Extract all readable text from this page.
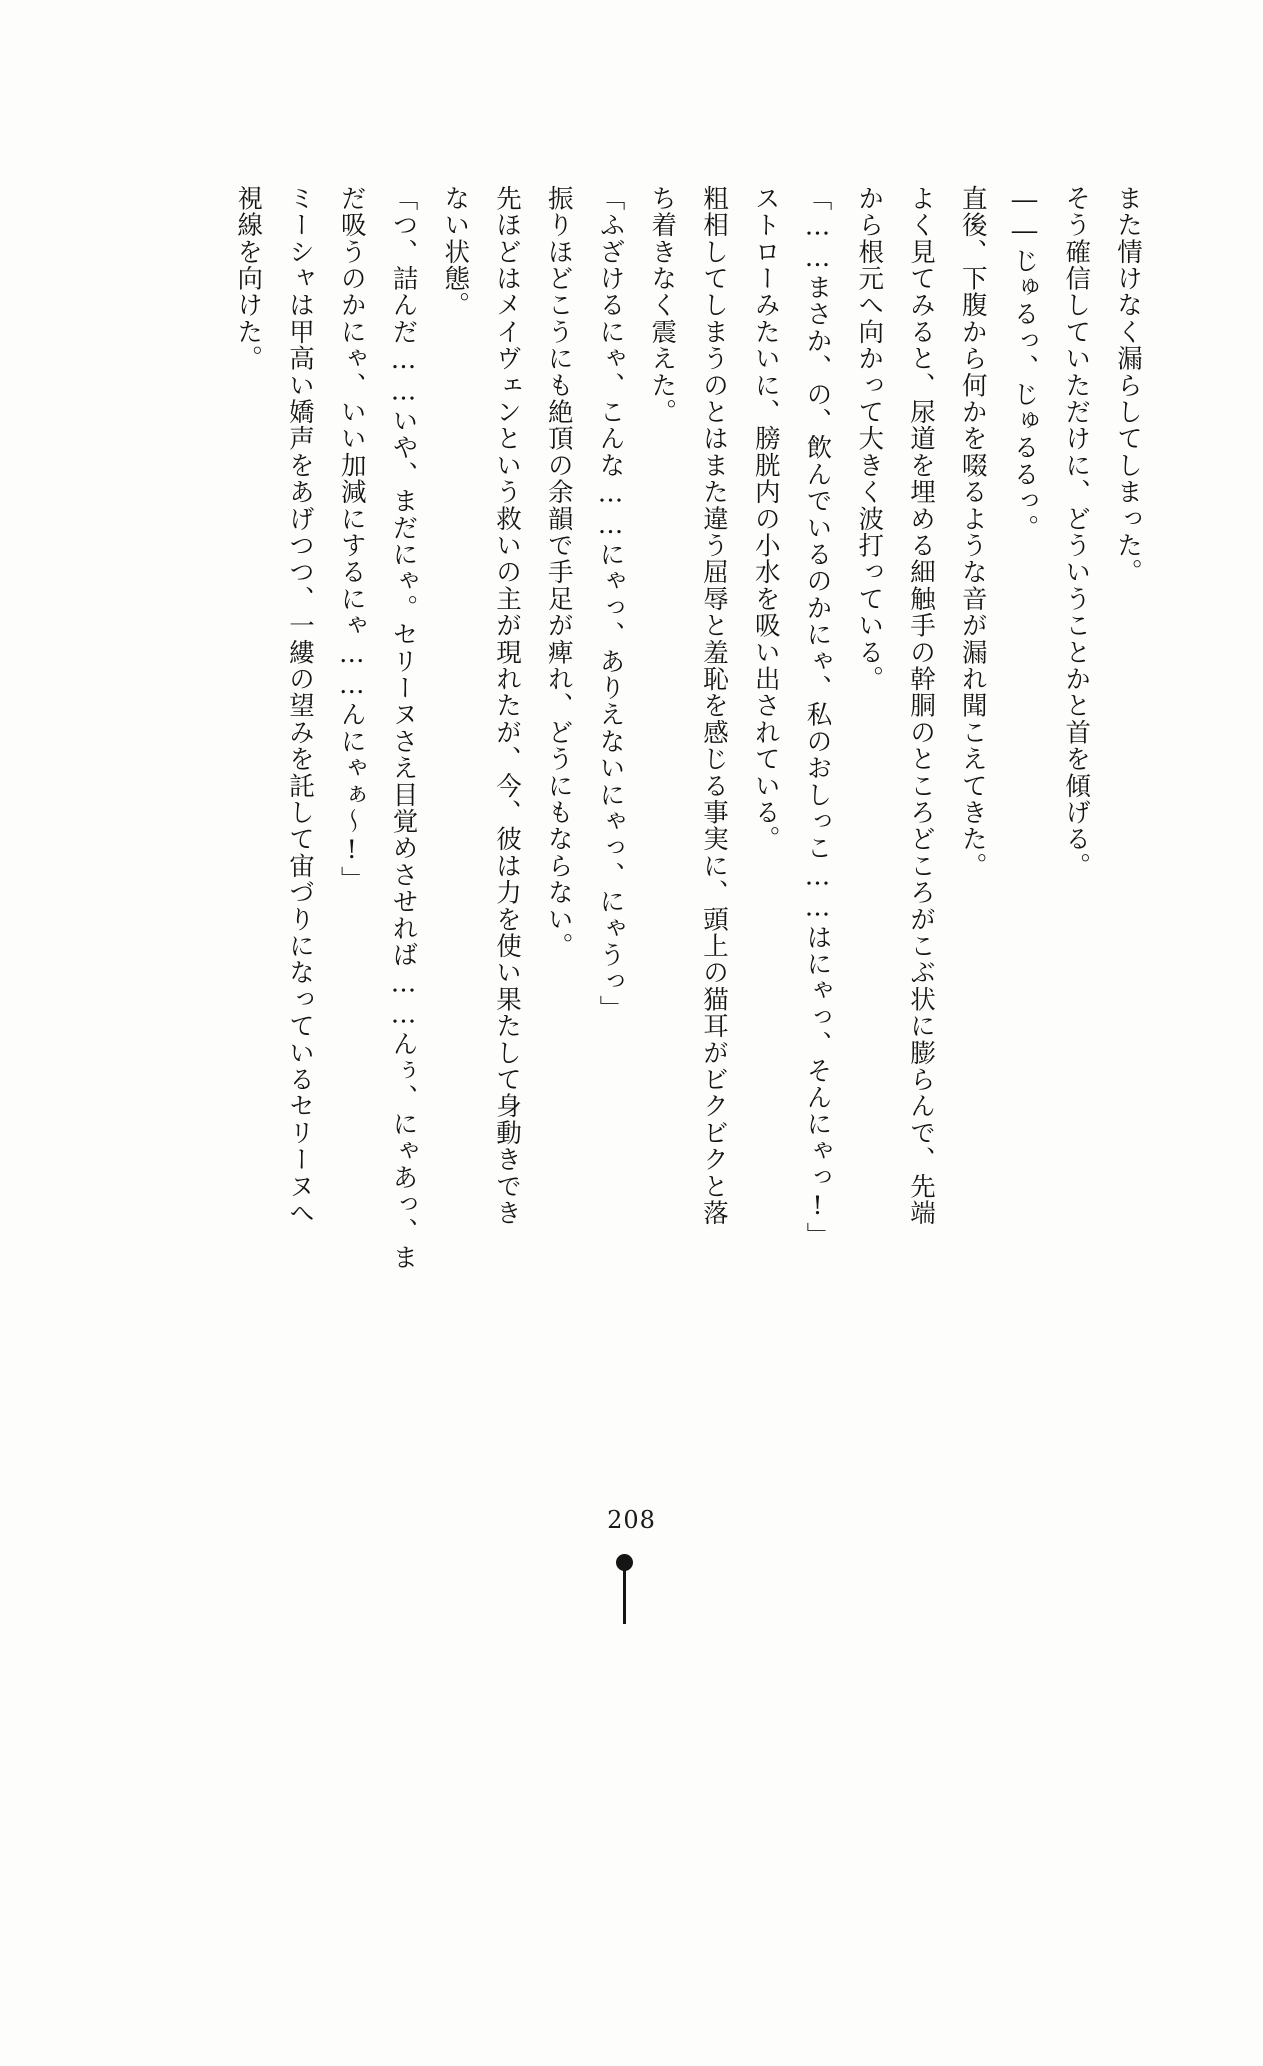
また情けなく漏らしてしまった。

そう確信していただけに、どういうことかと首を傾げる。

――じゅるっ、じゅるるっ。

直後、下腹から何かを啜るような音が漏れ聞こえてきた。

よく見てみると、尿道を埋める細触手の幹胴のところどころがこぶ状に膨らんで、先端

から根元へ向かって大きく波打っている。

「……まさか、の、飲んでいるのかにゃ、私のおしっこ……はにゃっ、そんにゃっ!」

ストローみたいに、膀胱内の小水を吸い出されている。

粗相してしまうのとはまた違う屈辱と羞恥を感じる事実に、頭上の猫耳がビクビクと落

ち着きなく震えた。

「ふざけるにゃ、こんな……にゃっ、ありえないにゃっ、にゃうっ」

振りほどこうにも絶頂の余韻で手足が痺れ、どうにもならない。

先ほどはメイヴェンという救いの主が現れたが、今、彼は力を使い果たして身動きでき

ない状態。

「つ、詰んだ……いや、まだにゃ。セリーヌさえ目覚めさせれば……んぅ、にゃあっ、ま

だ吸うのかにゃ、いい加減にするにゃ……んにゃぁ～!」

ミーシャは甲高い嬌声をあげつつ、一縷の望みを託して宙づりになっているセリーヌへ

視線を向けた。

208
